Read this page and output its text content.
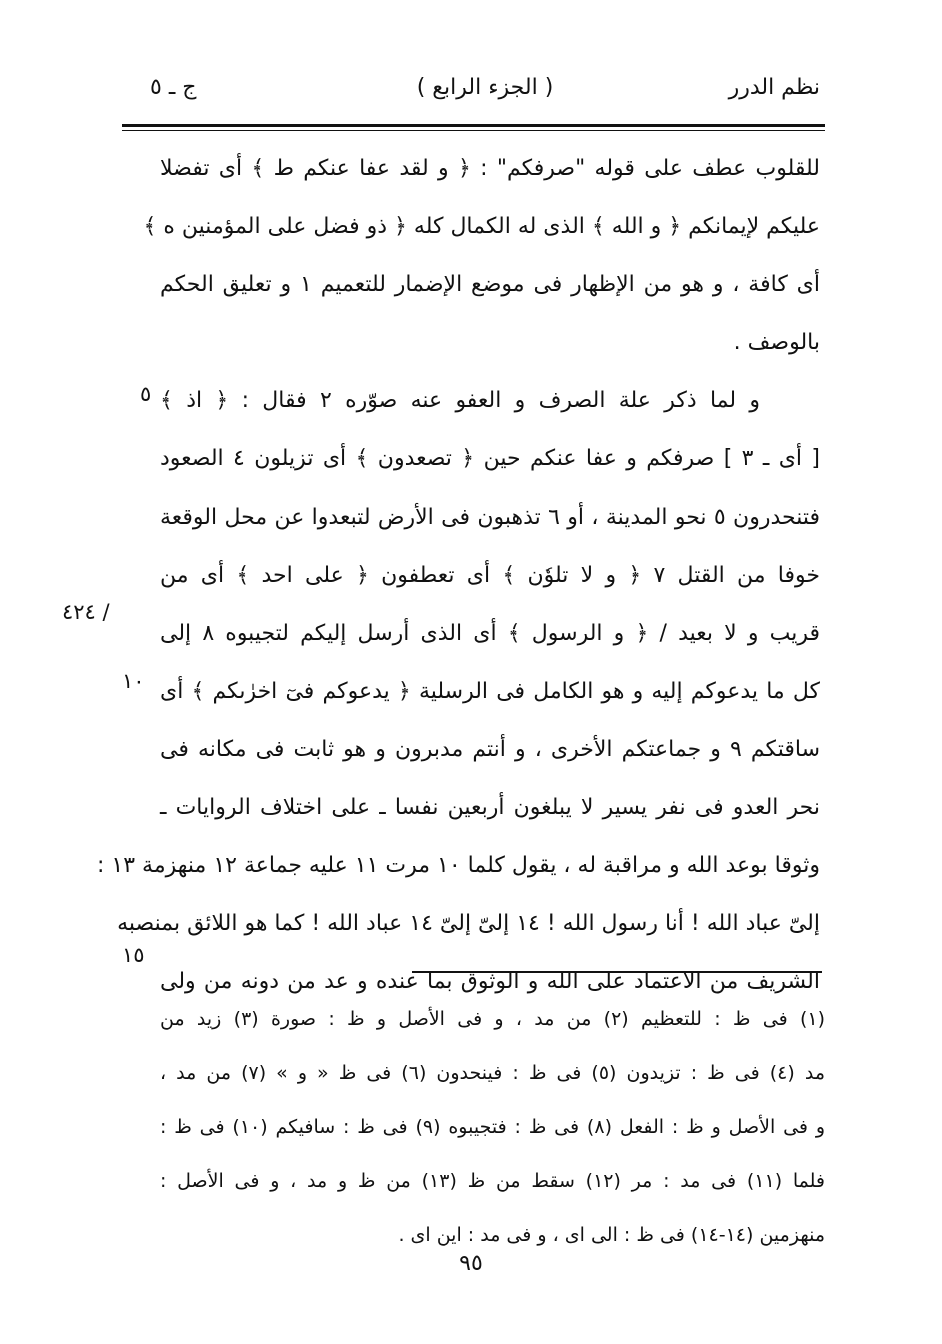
نظم الدرر
( الجزء الرابع )
ج ـ ٥
للقلوب عطف على قوله "صرفكم" : ﴿ و لقد عفا عنكم ط ﴾ أى تفضلا
عليكم لإيمانكم ﴿ و الله ﴾ الذى له الكمال كله ﴿ ذو فضل على المؤمنين ه ﴾
أى كافة ، و هو من الإظهار فى موضع الإضمار للتعميم ١ و تعليق الحكم
بالوصف .
و لما ذكر علة الصرف و العفو عنه صوّره ٢ فقال : ﴿ اذ ﴾
[ أى ـ ٣ ] صرفكم و عفا عنكم حين ﴿ تصعدون ﴾ أى تزيلون ٤ الصعود
فتنحدرون ٥ نحو المدينة ، أو ٦ تذهبون فى الأرض لتبعدوا عن محل الوقعة
خوفا من القتل ٧ ﴿ و لا تلوٗن ﴾ أى تعطفون ﴿ على احد ﴾ أى من
قريب و لا بعيد / ﴿ و الرسول ﴾ أى الذى أرسل إليكم لتجيبوه ٨ إلى
كل ما يدعوكم إليه و هو الكامل فى الرسلية ﴿ يدعوكم فىٓ اخرٰىكم ﴾ أى
ساقتكم ٩ و جماعتكم الأخرى ، و أنتم مدبرون و هو ثابت فى مكانه فى
نحر العدو فى نفر يسير لا يبلغون أربعين نفسا ـ على اختلاف الروايات ـ
وثوقا بوعد الله و مراقبة له ، يقول كلما ١٠ مرت ١١ عليه جماعة ١٢ منهزمة ١٣ :
إلىّ عباد الله ! أنا رسول الله ! ١٤ إلىّ إلىّ ١٤ عباد الله ! كما هو اللائق بمنصبه
الشريف من الاعتماد على الله و الوثوق بما عنده و عد من دونه من ولى
٥
/ ٤٢٤
١٠
١٥
(١) فى ظ : للتعظيم (٢) من مد ، و فى الأصل و ظ : صورة (٣) زيد من
مد (٤) فى ظ : تزيدون (٥) فى ظ : فينحدون (٦) فى ظ « و » (٧) من مد ،
و فى الأصل و ظ : الفعل (٨) فى ظ : فتجيبوه (٩) فى ظ : سافيكم (١٠) فى ظ :
فلما (١١) فى مد : مر (١٢) سقط من ظ (١٣) من ظ و مد ، و فى الأصل :
منهزمين (١٤-١٤) فى ظ : الى اى ، و فى مد : اين اى .
٩٥
